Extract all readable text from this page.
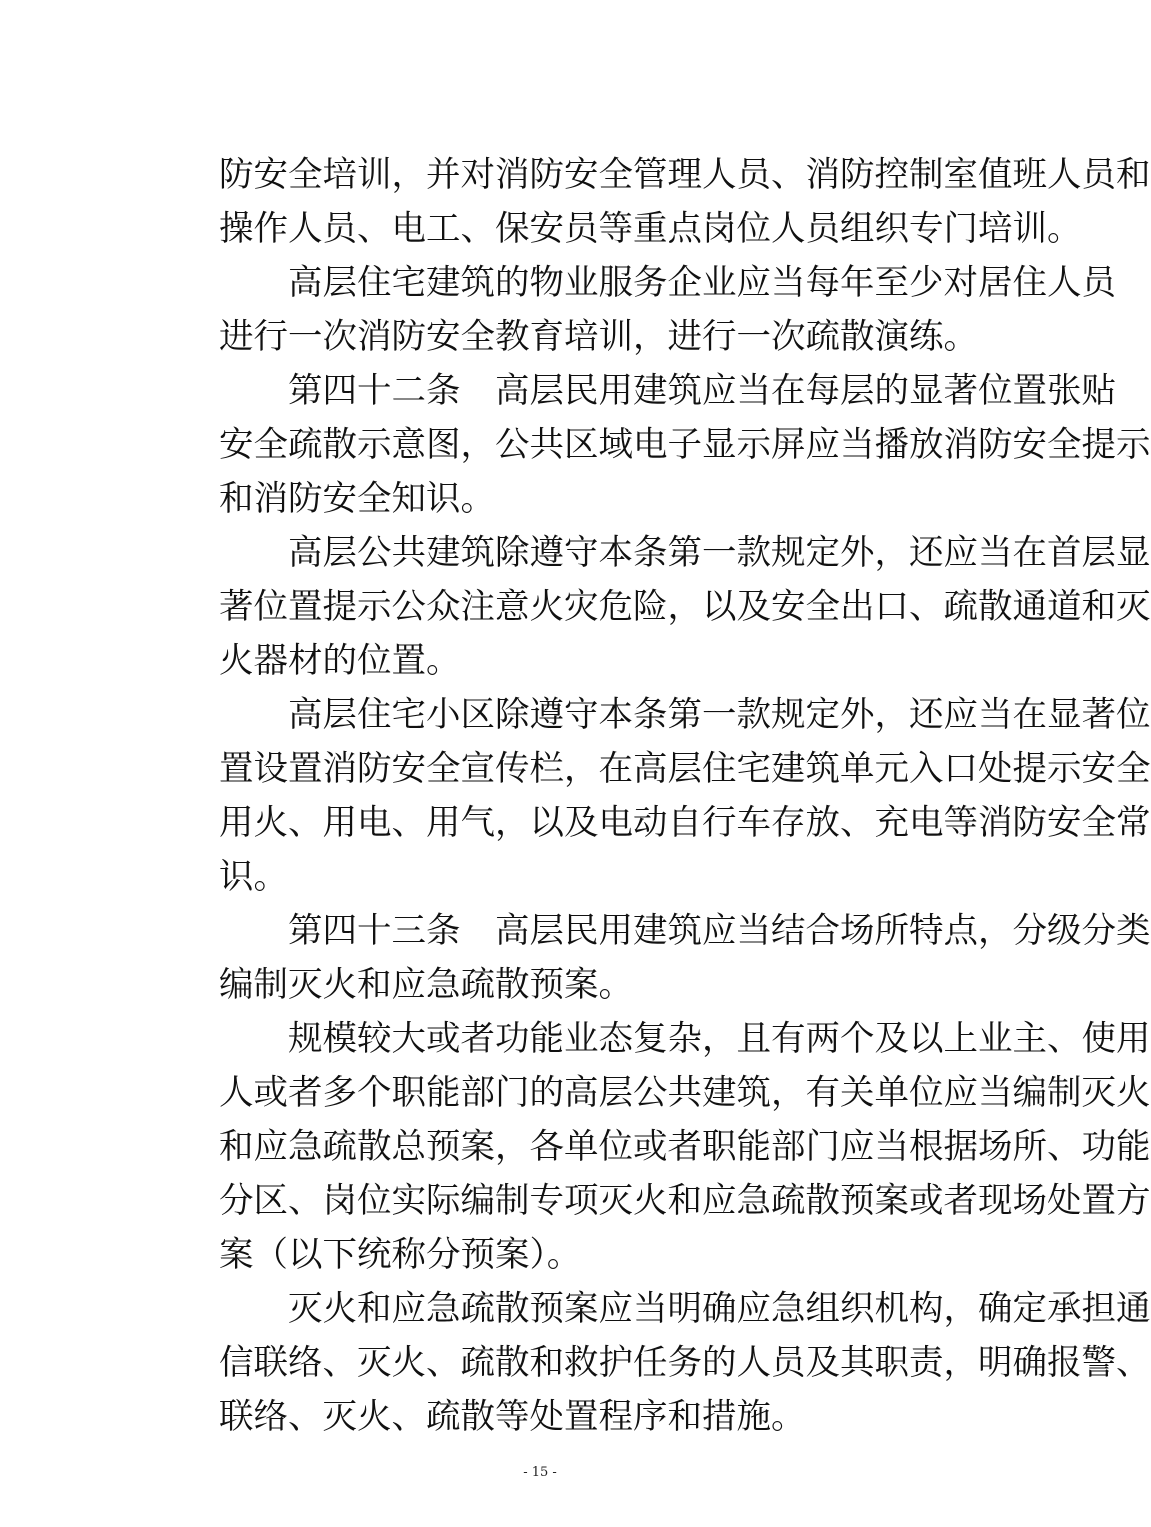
防安全培训，并对消防安全管理人员、消防控制室值班人员和
操作人员、电工、保安员等重点岗位人员组织专门培训。
高层住宅建筑的物业服务企业应当每年至少对居住人员
进行一次消防安全教育培训，进行一次疏散演练。
第四十二条 高层民用建筑应当在每层的显著位置张贴
安全疏散示意图，公共区域电子显示屏应当播放消防安全提示
和消防安全知识。
高层公共建筑除遵守本条第一款规定外，还应当在首层显
著位置提示公众注意火灾危险，以及安全出口、疏散通道和灭
火器材的位置。
高层住宅小区除遵守本条第一款规定外，还应当在显著位
置设置消防安全宣传栏，在高层住宅建筑单元入口处提示安全
用火、用电、用气，以及电动自行车存放、充电等消防安全常
识。
第四十三条 高层民用建筑应当结合场所特点，分级分类
编制灭火和应急疏散预案。
规模较大或者功能业态复杂，且有两个及以上业主、使用
人或者多个职能部门的高层公共建筑，有关单位应当编制灭火
和应急疏散总预案，各单位或者职能部门应当根据场所、功能
分区、岗位实际编制专项灭火和应急疏散预案或者现场处置方
案（以下统称分预案）。
灭火和应急疏散预案应当明确应急组织机构，确定承担通
信联络、灭火、疏散和救护任务的人员及其职责，明确报警、
联络、灭火、疏散等处置程序和措施。
- 15 -
